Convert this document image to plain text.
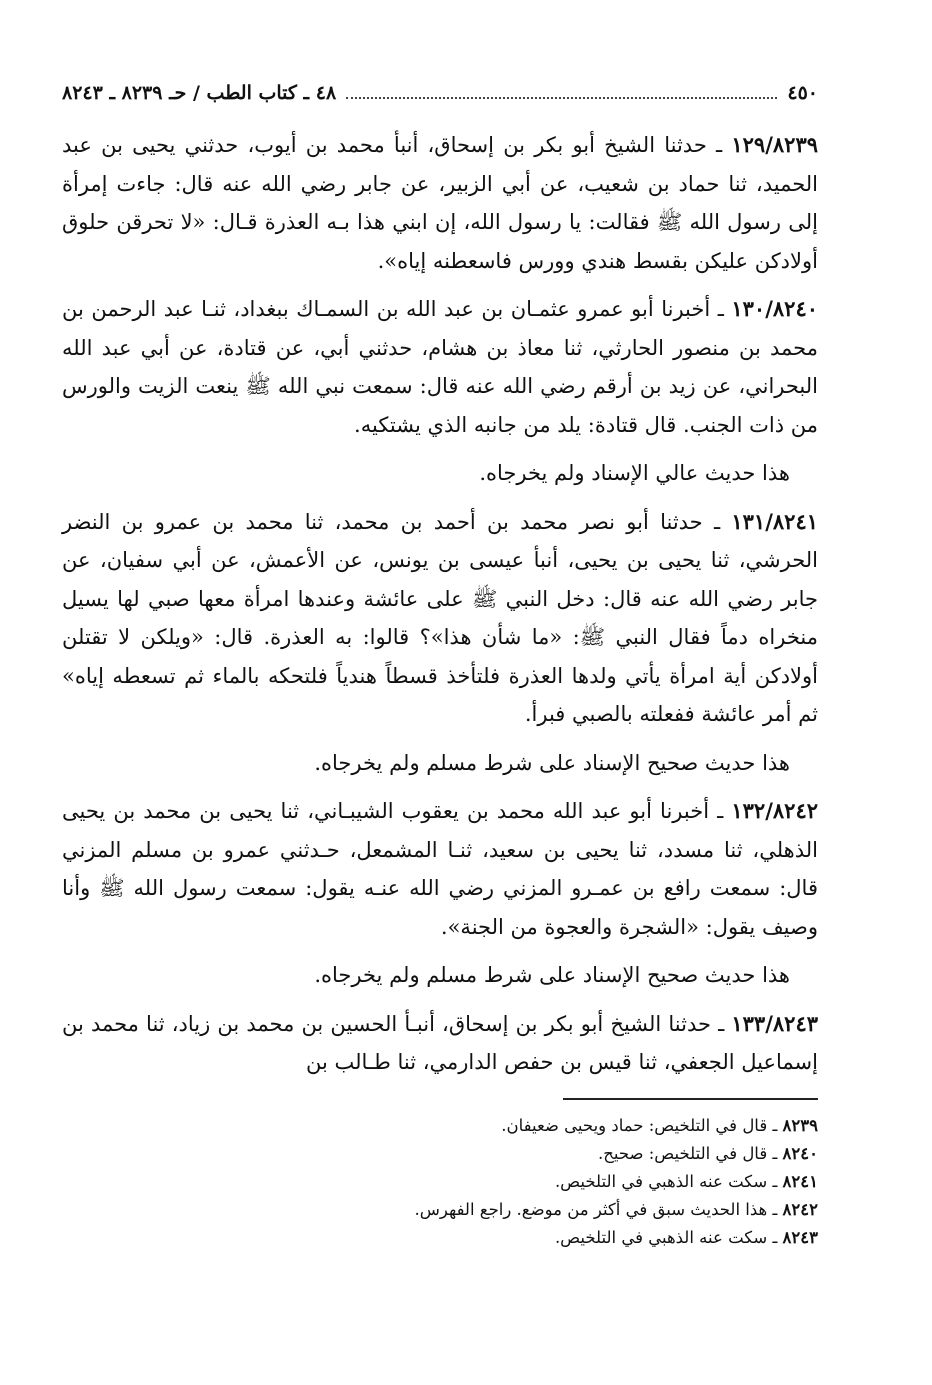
٤٥٠
٤٨ ـ كتاب الطب / حـ ٨٢٣٩ ـ ٨٢٤٣

١٢٩/٨٢٣٩ ـ حدثنا الشيخ أبو بكر بن إسحاق، أنبأ محمد بن أيوب، حدثني يحيى بن عبد الحميد، ثنا حماد بن شعيب، عن أبي الزبير، عن جابر رضي الله عنه قال: جاءت إمرأة إلى رسول الله ﷺ فقالت: يا رسول الله، إن ابني هذا بـه العذرة قـال: «لا تحرقن حلوق أولادكن عليكن بقسط هندي وورس فاسعطنه إياه».

١٣٠/٨٢٤٠ ـ أخبرنا أبو عمرو عثمـان بن عبد الله بن السمـاك ببغداد، ثنـا عبد الرحمن بن محمد بن منصور الحارثي، ثنا معاذ بن هشام، حدثني أبي، عن قتادة، عن أبي عبد الله البحراني، عن زيد بن أرقم رضي الله عنه قال: سمعت نبي الله ﷺ ينعت الزيت والورس من ذات الجنب. قال قتادة: يلد من جانبه الذي يشتكيه.

هذا حديث عالي الإسناد ولم يخرجاه.

١٣١/٨٢٤١ ـ حدثنا أبو نصر محمد بن أحمد بن محمد، ثنا محمد بن عمرو بن النضر الحرشي، ثنا يحيى بن يحيى، أنبأ عيسى بن يونس، عن الأعمش، عن أبي سفيان، عن جابر رضي الله عنه قال: دخل النبي ﷺ على عائشة وعندها امرأة معها صبي لها يسيل منخراه دماً فقال النبي ﷺ: «ما شأن هذا»؟ قالوا: به العذرة. قال: «ويلكن لا تقتلن أولادكن أية امرأة يأتي ولدها العذرة فلتأخذ قسطاً هندياً فلتحكه بالماء ثم تسعطه إياه» ثم أمر عائشة ففعلته بالصبي فبرأ.

هذا حديث صحيح الإسناد على شرط مسلم ولم يخرجاه.

١٣٢/٨٢٤٢ ـ أخبرنا أبو عبد الله محمد بن يعقوب الشيبـاني، ثنا يحيى بن محمد بن يحيى الذهلي، ثنا مسدد، ثنا يحيى بن سعيد، ثنـا المشمعل، حـدثني عمرو بن مسلم المزني قال: سمعت رافع بن عمـرو المزني رضي الله عنـه يقول: سمعت رسول الله ﷺ وأنا وصيف يقول: «الشجرة والعجوة من الجنة».

هذا حديث صحيح الإسناد على شرط مسلم ولم يخرجاه.

١٣٣/٨٢٤٣ ـ حدثنا الشيخ أبو بكر بن إسحاق، أنبـأ الحسين بن محمد بن زياد، ثنا محمد بن إسماعيل الجعفي، ثنا قيس بن حفص الدارمي، ثنا طـالب بن

٨٢٣٩ ـ قال في التلخيص: حماد ويحيى ضعيفان.
٨٢٤٠ ـ قال في التلخيص: صحيح.
٨٢٤١ ـ سكت عنه الذهبي في التلخيص.
٨٢٤٢ ـ هذا الحديث سبق في أكثر من موضع. راجع الفهرس.
٨٢٤٣ ـ سكت عنه الذهبي في التلخيص.
